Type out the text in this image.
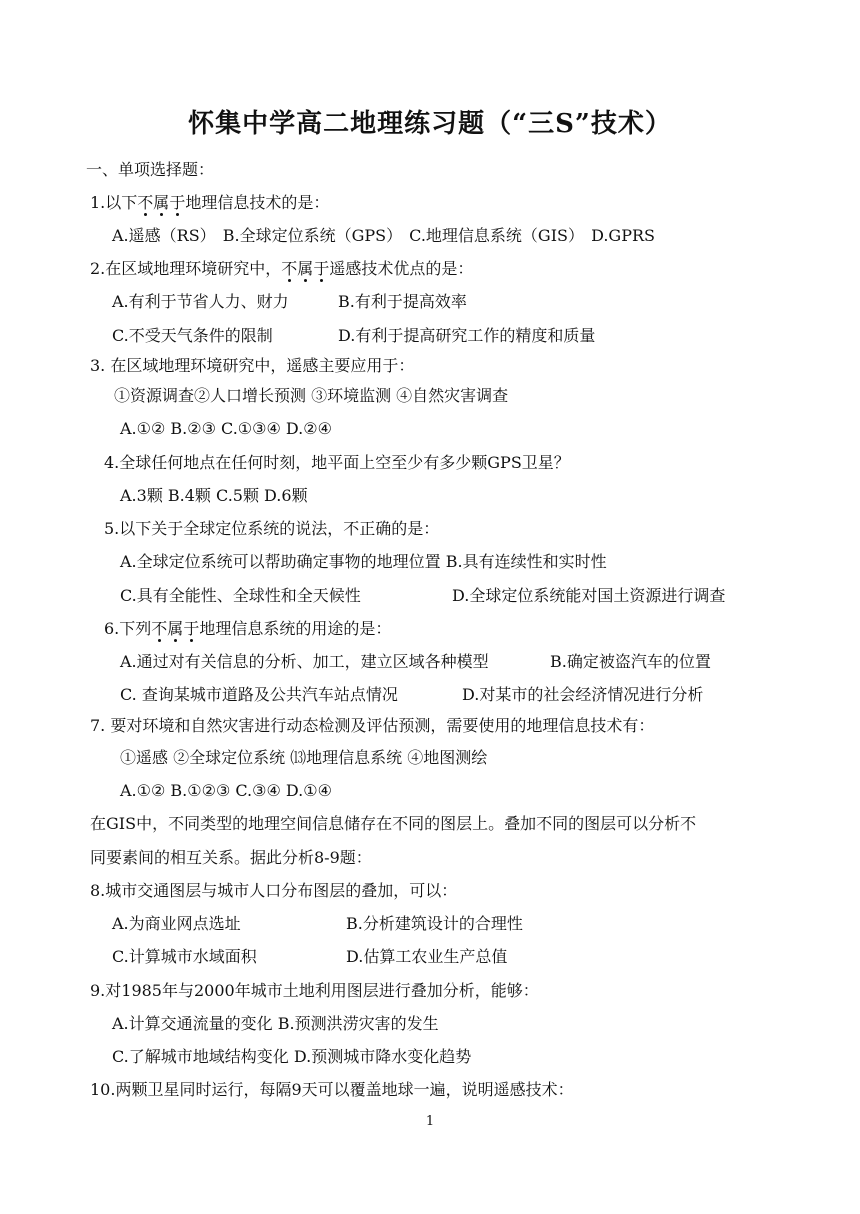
怀集中学高二地理练习题（“三S”技术）
一、单项选择题：
1.以下不属于地理信息技术的是：
A.遥感（RS） B.全球定位系统（GPS） C.地理信息系统（GIS） D.GPRS
2.在区域地理环境研究中，不属于遥感技术优点的是：
A.有利于节省人力、财力	B.有利于提高效率
C.不受天气条件的限制	D.有利于提高研究工作的精度和质量
3. 在区域地理环境研究中，遥感主要应用于：
①资源调查②人口增长预测 ③环境监测 ④自然灾害调查
A.①② B.②③ C.①③④ D.②④
4.全球任何地点在任何时刻，地平面上空至少有多少颗GPS卫星？
A.3颗 B.4颗 C.5颗 D.6颗
5.以下关于全球定位系统的说法，不正确的是：
A.全球定位系统可以帮助确定事物的地理位置 B.具有连续性和实时性
C.具有全能性、全球性和全天候性	D.全球定位系统能对国土资源进行调查
6.下列不属于地理信息系统的用途的是：
A.通过对有关信息的分析、加工，建立区域各种模型	B.确定被盗汽车的位置
C. 查询某城市道路及公共汽车站点情况	D.对某市的社会经济情况进行分析
7. 要对环境和自然灾害进行动态检测及评估预测，需要使用的地理信息技术有：
①遥感 ②全球定位系统 ⒀地理信息系统 ④地图测绘
A.①② B.①②③ C.③④ D.①④
在GIS中，不同类型的地理空间信息储存在不同的图层上。叠加不同的图层可以分析不
同要素间的相互关系。据此分析8-9题：
8.城市交通图层与城市人口分布图层的叠加，可以：
A.为商业网点选址	B.分析建筑设计的合理性
C.计算城市水域面积	D.估算工农业生产总值
9.对1985年与2000年城市土地利用图层进行叠加分析，能够：
A.计算交通流量的变化 B.预测洪涝灾害的发生
C.了解城市地域结构变化 D.预测城市降水变化趋势
10.两颗卫星同时运行，每隔9天可以覆盖地球一遍，说明遥感技术：
1
